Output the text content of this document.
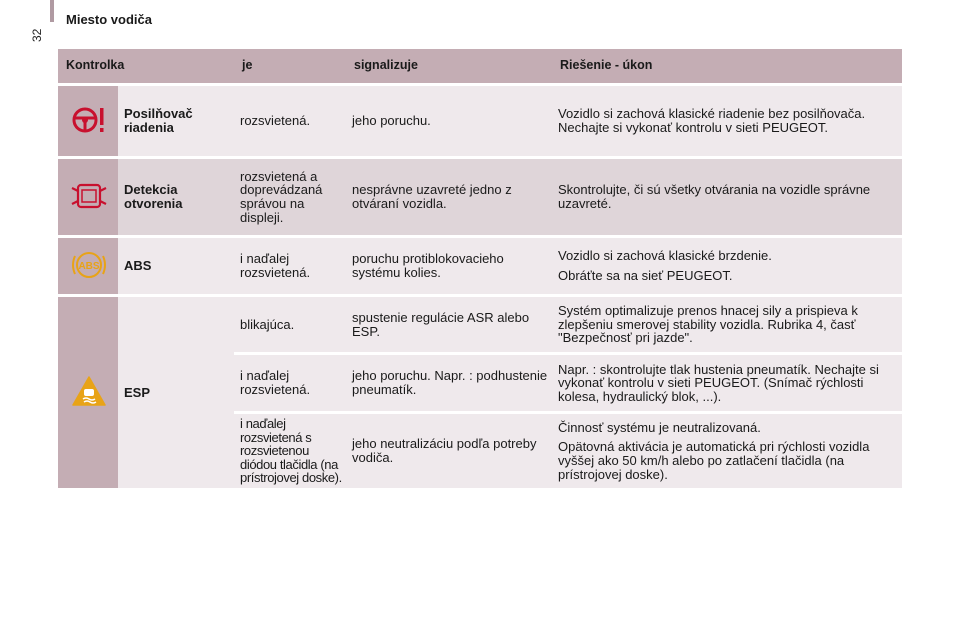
32
Miesto vodiča
Kontrolka		je	signalizuje	Riešenie - úkon
	Posilňovač riadenia	rozsvietená.	jeho poruchu.	Vozidlo si zachová klasické riadenie bez posilňovača. Nechajte si vykonať kontrolu v sieti PEUGEOT.

	Detekcia otvorenia	rozsvietená a doprevádzaná správou na displeji.	nesprávne uzavreté jedno z otváraní vozidla.	Skontrolujte, či sú všetky otvárania na vozidle správne uzavreté.

ABS	ABS	i naďalej rozsvietená.	poruchu protiblokovacieho systému kolies.	Vozidlo si zachová klasické brzdenie.

Obráťte sa na sieť PEUGEOT.

	ESP	blikajúca.	spustenie regulácie ASR alebo ESP.	Systém optimalizuje prenos hnacej sily a prispieva k zlepšeniu smerovej stability vozidla. Rubrika 4, časť "Bezpečnosť pri jazde".

		i naďalej rozsvietená.	jeho poruchu. Napr. : podhustenie pneumatík.	Napr. : skontrolujte tlak hustenia pneumatík. Nechajte si vykonať kontrolu v sieti PEUGEOT. (Snímač rýchlosti kolesa, hydraulický blok, ...).

		i naďalej rozsvietená s rozsvietenou diódou tlačidla (na prístrojovej doske).	jeho neutralizáciu podľa potreby vodiča.	Činnosť systému je neutralizovaná.

Opätovná aktivácia je automatická pri rýchlosti vozidla vyššej ako 50 km/h alebo po zatlačení tlačidla (na prístrojovej doske).
